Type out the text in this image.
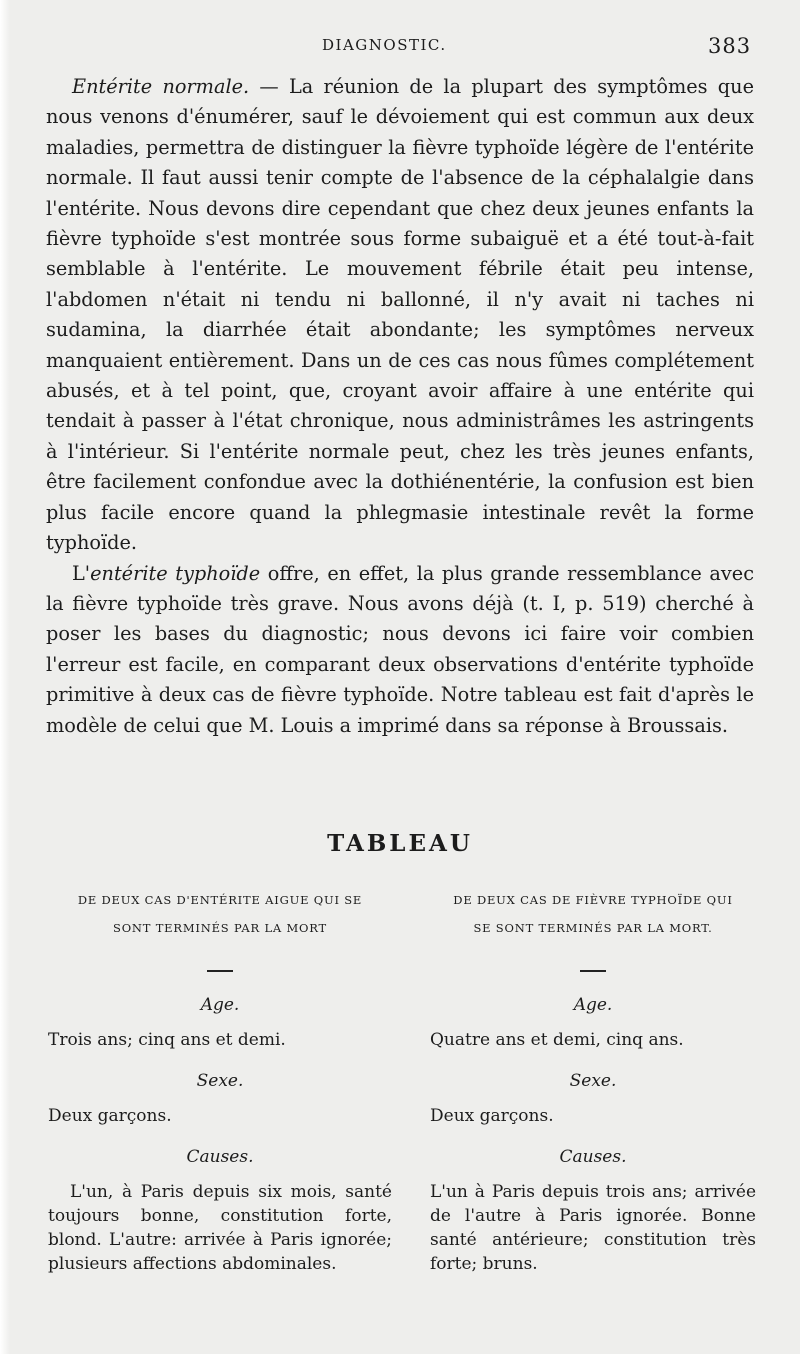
DIAGNOSTIC.	383

Entérite normale. — La réunion de la plupart des symptômes que nous venons d'énumérer, sauf le dévoiement qui est commun aux deux maladies, permettra de distinguer la fièvre typhoïde légère de l'entérite normale. Il faut aussi tenir compte de l'absence de la céphalalgie dans l'entérite. Nous devons dire cependant que chez deux jeunes enfants la fièvre typhoïde s'est montrée sous forme subaiguë et a été tout-à-fait semblable à l'entérite. Le mouvement fébrile était peu intense, l'abdomen n'était ni tendu ni ballonné, il n'y avait ni taches ni sudamina, la diarrhée était abondante; les symptômes nerveux manquaient entièrement. Dans un de ces cas nous fûmes complétement abusés, et à tel point, que, croyant avoir affaire à une entérite qui tendait à passer à l'état chronique, nous administrâmes les astringents à l'intérieur. Si l'entérite normale peut, chez les très jeunes enfants, être facilement confondue avec la dothiénentérie, la confusion est bien plus facile encore quand la phlegmasie intestinale revêt la forme typhoïde.

L'entérite typhoïde offre, en effet, la plus grande ressemblance avec la fièvre typhoïde très grave. Nous avons déjà (t. I, p. 519) cherché à poser les bases du diagnostic; nous devons ici faire voir combien l'erreur est facile, en comparant deux observations d'entérite typhoïde primitive à deux cas de fièvre typhoïde. Notre tableau est fait d'après le modèle de celui que M. Louis a imprimé dans sa réponse à Broussais.

TABLEAU
DE DEUX CAS D'ENTÉRITE AIGUE QUI SE
SONT TERMINÉS PAR LA MORT
Age.
Trois ans; cinq ans et demi.
Sexe.
Deux garçons.
Causes.
L'un, à Paris depuis six mois, santé toujours bonne, constitution forte, blond. L'autre: arrivée à Paris ignorée; plusieurs affections abdominales.
DE DEUX CAS DE FIÈVRE TYPHOÏDE QUI
SE SONT TERMINÉS PAR LA MORT.
Age.
Quatre ans et demi, cinq ans.
Sexe.
Deux garçons.
Causes.
L'un à Paris depuis trois ans; arrivée de l'autre à Paris ignorée. Bonne santé antérieure; constitution très forte; bruns.
